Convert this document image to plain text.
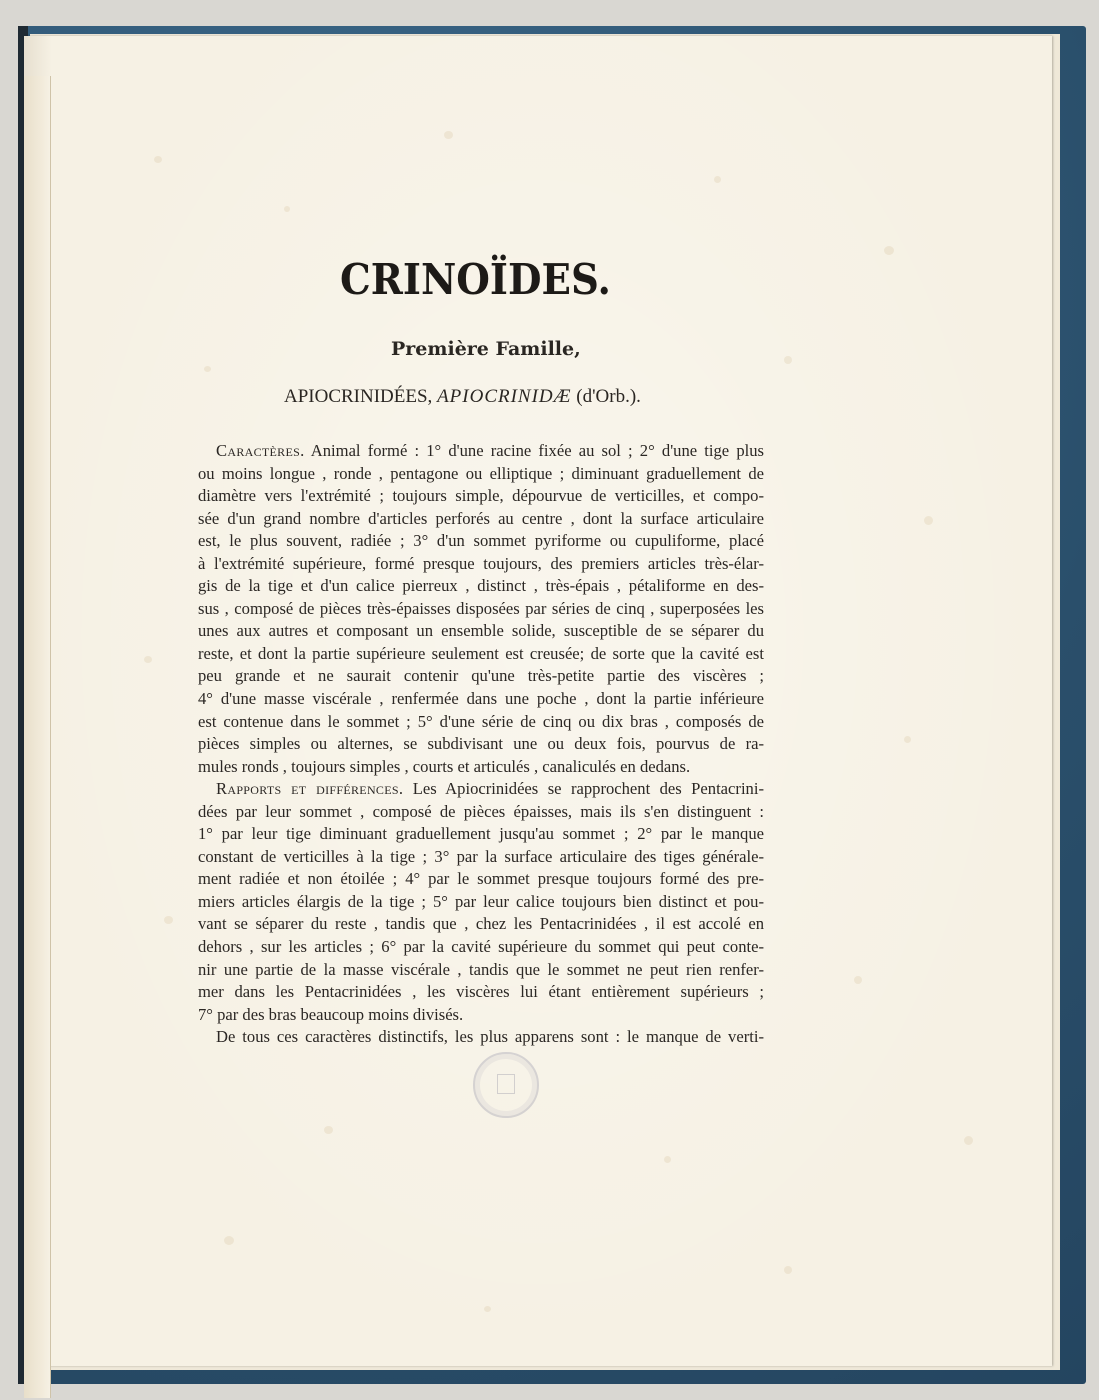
CRINOÏDES.
Première Famille,
APIOCRINIDÉES, APIOCRINIDÆ (d'Orb.).
Caractères. Animal formé : 1° d'une racine fixée au sol ; 2° d'une tige plus
ou moins longue , ronde , pentagone ou elliptique ; diminuant graduellement de
diamètre vers l'extrémité ; toujours simple, dépourvue de verticilles, et compo-
sée d'un grand nombre d'articles perforés au centre , dont la surface articulaire
est, le plus souvent, radiée ; 3° d'un sommet pyriforme ou cupuliforme, placé
à l'extrémité supérieure, formé presque toujours, des premiers articles très-élar-
gis de la tige et d'un calice pierreux , distinct , très-épais , pétaliforme en des-
sus , composé de pièces très-épaisses disposées par séries de cinq , superposées les
unes aux autres et composant un ensemble solide, susceptible de se séparer du
reste, et dont la partie supérieure seulement est creusée; de sorte que la cavité est
peu grande et ne saurait contenir qu'une très-petite partie des viscères ;
4° d'une masse viscérale , renfermée dans une poche , dont la partie inférieure
est contenue dans le sommet ; 5° d'une série de cinq ou dix bras , composés de
pièces simples ou alternes, se subdivisant une ou deux fois, pourvus de ra-
mules ronds , toujours simples , courts et articulés , canaliculés en dedans.
Rapports et différences. Les Apiocrinidées se rapprochent des Pentacrini-
dées par leur sommet , composé de pièces épaisses, mais ils s'en distinguent :
1° par leur tige diminuant graduellement jusqu'au sommet ; 2° par le manque
constant de verticilles à la tige ; 3° par la surface articulaire des tiges générale-
ment radiée et non étoilée ; 4° par le sommet presque toujours formé des pre-
miers articles élargis de la tige ; 5° par leur calice toujours bien distinct et pou-
vant se séparer du reste , tandis que , chez les Pentacrinidées , il est accolé en
dehors , sur les articles ; 6° par la cavité supérieure du sommet qui peut conte-
nir une partie de la masse viscérale , tandis que le sommet ne peut rien renfer-
mer dans les Pentacrinidées , les viscères lui étant entièrement supérieurs ;
7° par des bras beaucoup moins divisés.
De tous ces caractères distinctifs, les plus apparens sont : le manque de verti-
